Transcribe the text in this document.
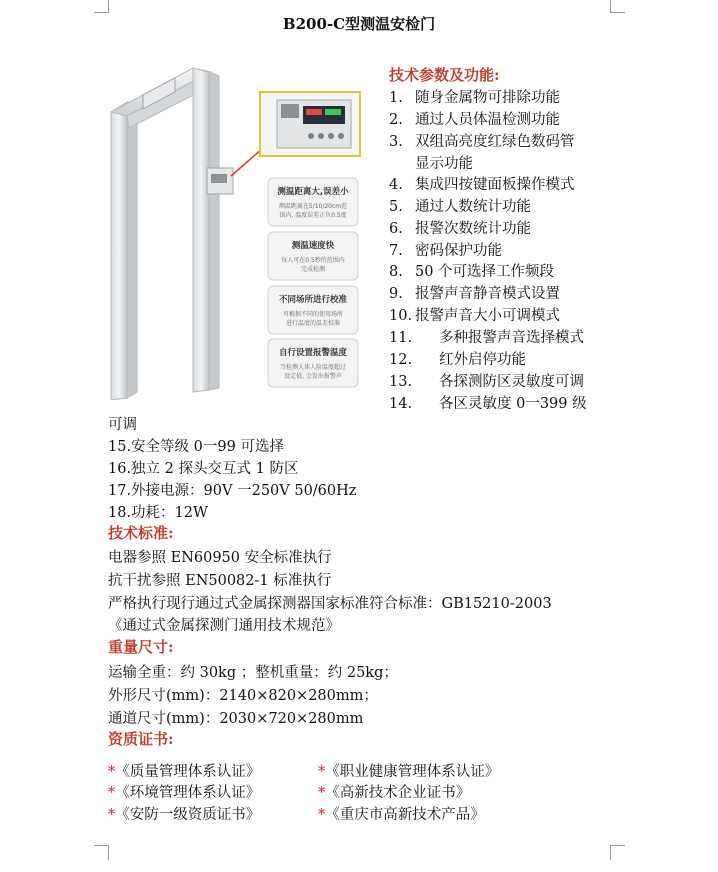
B200-C型测温安检门
测温距离大,误差小
测温距离在5/10/20cm范
围内, 温度误差正负0.5度
测温速度快
每人可在0.5秒的范围内
完成检测
不同场所进行校准
可根据不同的使用场所
进行温度的温差校准
自行设置报警温度
当检测人体人脸温度超过
设定值, 会发出报警声
技术参数及功能:
1. 随身金属物可排除功能
2. 通过人员体温检测功能
3. 双组高亮度红绿色数码管
显示功能
4. 集成四按键面板操作模式
5. 通过人数统计功能
6. 报警次数统计功能
7. 密码保护功能
8. 50 个可选择工作频段
9. 报警声音静音模式设置
10. 报警声音大小可调模式
11. 多种报警声音选择模式
12. 红外启停功能
13. 各探测防区灵敏度可调
14. 各区灵敏度 0一399 级
可调
15.安全等级 0一99 可选择
16.独立 2 探头交互式 1 防区
17.外接电源：90V 一250V 50/60Hz
18.功耗：12W
技术标准:
电器参照 EN60950 安全标准执行
抗干扰参照 EN50082-1 标准执行
严格执行现行通过式金属探测器国家标准符合标准：GB15210-2003
《通过式金属探测门通用技术规范》
重量尺寸:
运输全重：约 30kg ；整机重量：约 25kg；
外形尺寸(mm)：2140×820×280mm；
通道尺寸(mm)：2030×720×280mm
资质证书:
*《质量管理体系认证》
*《环境管理体系认证》
*《安防一级资质证书》
*《职业健康管理体系认证》
*《高新技术企业证书》
*《重庆市高新技术产品》
